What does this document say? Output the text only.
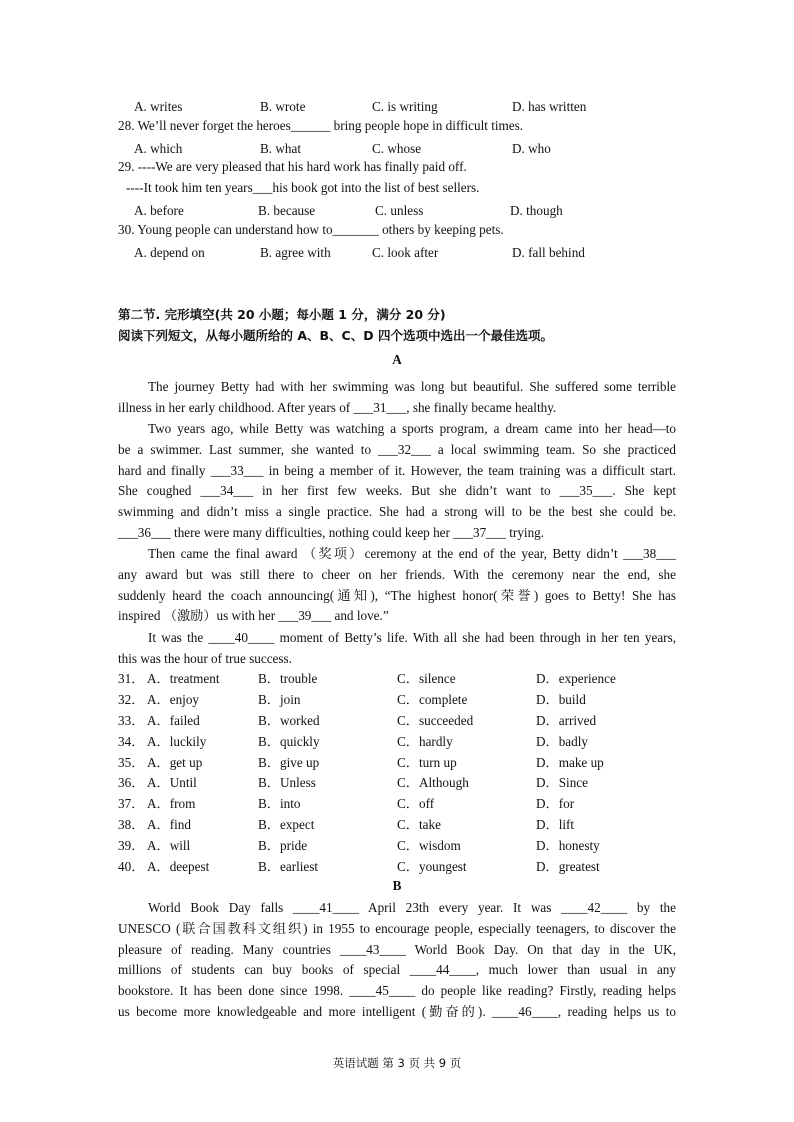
A. writes	B. wrote	C. is writing	D. has written
28. We’ll never forget the heroes______ bring people hope in difficult times.
A. which	B. what	C. whose	D. who
29. ----We are very pleased that his hard work has finally paid off.
----It took him ten years___his book got into the list of best sellers.
A. before	B. because	C. unless	D. though
30. Young people can understand how to_______ others by keeping pets.
A. depend on	B. agree with	C. look after	D. fall behind
第二节. 完形填空(共 20 小题；每小题 1 分，满分 20 分)
阅读下列短文，从每小题所给的 A、B、C、D 四个选项中选出一个最佳选项。
A
The journey Betty had with her swimming was long but beautiful. She suffered some terrible
illness in her early childhood. After years of ___31___, she finally became healthy.
Two years ago, while Betty was watching a sports program, a dream came into her head—to
be a swimmer. Last summer, she wanted to ___32___ a local swimming team. So she practiced
hard and finally ___33___ in being a member of it. However, the team training was a difficult start.
She coughed ___34___ in her first few weeks. But she didn’t want to ___35___. She kept
swimming and didn’t miss a single practice. She had a strong will to be the best she could be.
___36___ there were many difficulties, nothing could keep her ___37___ trying.
Then came the final award （奖项）ceremony at the end of the year, Betty didn’t ___38___
any award but was still there to cheer on her friends. With the ceremony near the end, she
suddenly heard the coach announcing(通知), “The highest honor(荣誉) goes to Betty! She has
inspired （激励）us with her ___39___ and love.”
It was the ____40____ moment of Betty’s life. With all she had been through in her ten years,
this was the hour of true success.
31． A．treatment	B．trouble	C．silence	D．experience
32． A．enjoy	B．join	C．complete	D．build
33． A．failed	B．worked	C．succeeded	D．arrived
34． A．luckily	B．quickly	C．hardly	D．badly
35． A．get up	B．give up	C．turn up	D．make up
36． A．Until	B．Unless	C．Although	D．Since
37． A．from	B．into	C．off	D．for
38． A．find	B．expect	C．take	D．lift
39． A．will	B．pride	C．wisdom	D．honesty
40． A．deepest	B．earliest	C．youngest	D．greatest
B
World Book Day falls ____41____ April 23th every year. It was ____42____ by the
UNESCO (联合国教科文组织) in 1955 to encourage people, especially teenagers, to discover the
pleasure of reading. Many countries ____43____ World Book Day. On that day in the UK,
millions of students can buy books of special ____44____, much lower than usual in any
bookstore. It has been done since 1998. ____45____ do people like reading? Firstly, reading helps
us become more knowledgeable and more intelligent (勤奋的). ____46____, reading helps us to
英语试题 第 3 页 共 9 页
